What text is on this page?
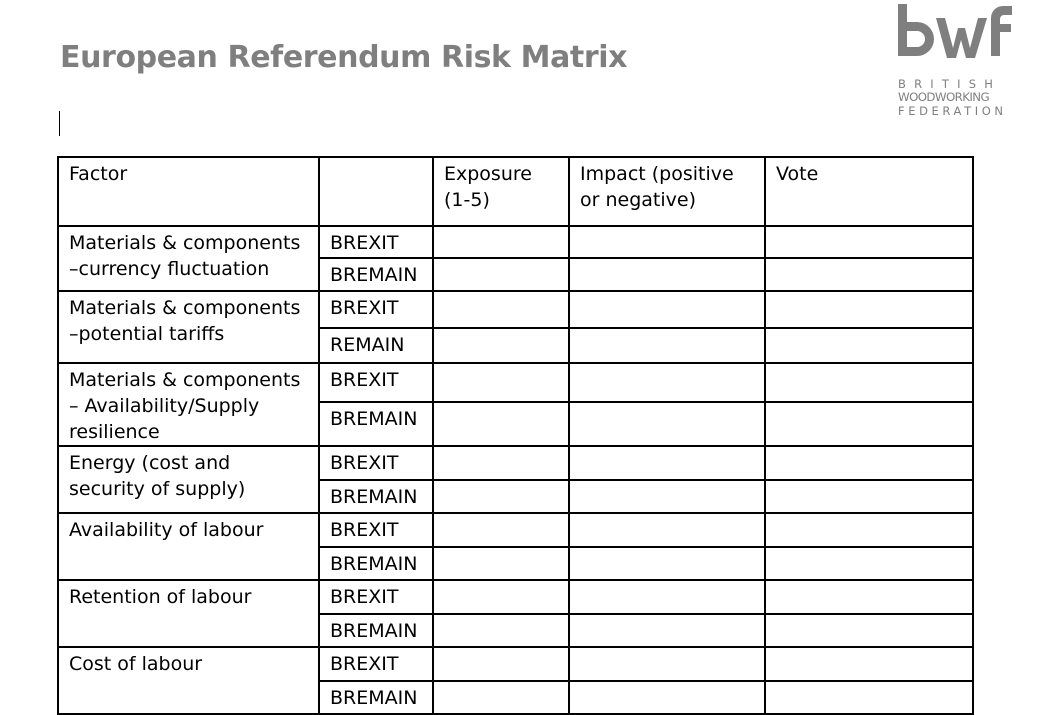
European Referendum Risk Matrix
BRITISH
WOODWORKING
FEDERATION
Factor		Exposure (1-5)	Impact (positive or negative)	Vote
Materials & components –currency fluctuation	BREXIT			
	BREMAIN			
Materials & components –potential tariffs	BREXIT			
	REMAIN			
Materials & components – Availability/Supply resilience	BREXIT			
	BREMAIN			
Energy (cost and security of supply)	BREXIT			
	BREMAIN			
Availability of labour	BREXIT			
	BREMAIN			
Retention of labour	BREXIT			
	BREMAIN			
Cost of labour	BREXIT			
	BREMAIN			
